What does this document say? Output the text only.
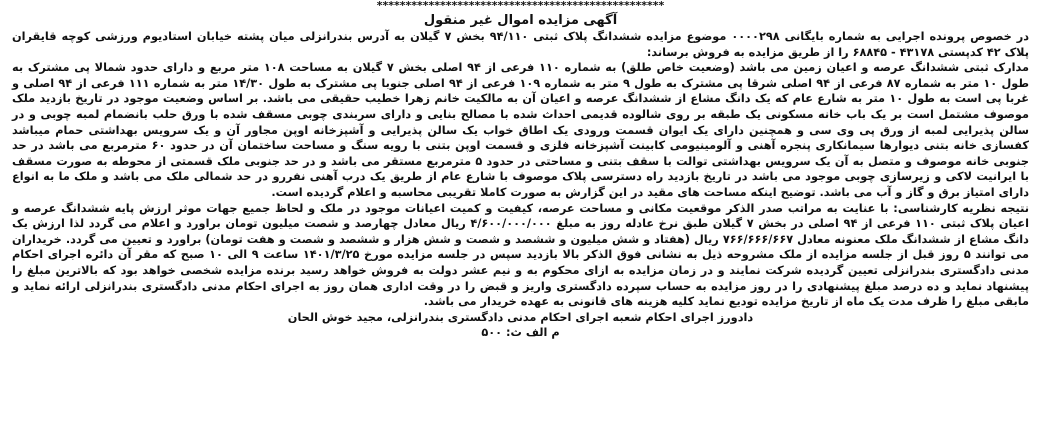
**************************************************
آگهی مزایده اموال غیر منقول

در خصوص پرونده اجرایی به شماره بایگانی ۰۰۰۰۲۹۸ موضوع مزایده ششدانگ پلاک ثبتی ۹۴/۱۱۰ بخش ۷ گیلان به آدرس بندرانزلی میان پشته خیابان استادیوم ورزشی کوچه قایقران پلاک ۴۲ کدپستی ۴۳۱۷۸ - ۶۸۸۴۵ را از طریق مزایده به فروش برساند:

مدارک ثبتی ششدانگ عرصه و اعیان زمین می باشد (وضعیت خاص طلق) به شماره ۱۱۰ فرعی از ۹۴ اصلی بخش ۷ گیلان به مساحت ۱۰۸ متر مربع و دارای حدود شمالا پی مشترک به طول ۱۰ متر به شماره ۸۷ فرعی از ۹۴ اصلی شرقا پی مشترک به طول ۹ متر به شماره ۱۰۹ فرعی از ۹۴ اصلی جنوبا پی مشترک به طول ۱۴/۳۰ متر به شماره ۱۱۱ فرعی از ۹۴ اصلی و غربا پی است به طول ۱۰ متر به شارع عام که یک دانگ مشاع از ششدانگ عرصه و اعیان آن به مالکیت خانم زهرا خطیب حقیقی می باشد. بر اساس وضعیت موجود در تاریخ بازدید ملک موصوف مشتمل است بر یک باب خانه مسکونی یک طبقه بر روی شالوده قدیمی احداث شده با مصالح بنایی و دارای سربندی چوبی مسقف شده با ورق حلب بانضمام لمبه چوبی و در سالن پذیرایی لمبه از ورق پی وی سی و همچنین دارای یک ایوان قسمت ورودی یک اطاق خواب یک سالن پذیرایی و آشپزخانه اوپن مجاور آن و یک سرویس بهداشتی حمام میباشد کفسازی خانه بتنی دیوارها سیمانکاری پنجره آهنی و آلومینیومی کابینت آشپزخانه فلزی و قسمت اوپن بتنی با رویه سنگ و مساحت ساختمان آن در حدود ۶۰ مترمربع می باشد در حد جنوبی خانه موصوف و متصل به آن یک سرویس بهداشتی توالت با سقف بتنی و مساحتی در حدود ۵ مترمربع مستقر می باشد و در حد جنوبی ملک قسمتی از محوطه به صورت مسقف با ایرانیت لاکی و زیرسازی چوبی موجود می باشد در تاریخ بازدید راه دسترسی پلاک موصوف با شارع عام از طریق یک درب آهنی نفررو در حد شمالی ملک می باشد و ملک ما به انواع دارای امتیاز برق و گاز و آب می باشد. توضیح اینکه مساحت های مقید در این گزارش به صورت کاملا تقریبی محاسبه و اعلام گردیده است.

نتیجه نظریه کارشناسی: با عنایت به مراتب صدر الذکر موقعیت مکانی و مساحت عرصه، کیفیت و کمیت اعیانات موجود در ملک و لحاظ جمیع جهات موثر ارزش پایه ششدانگ عرصه و اعیان پلاک ثبتی ۱۱۰ فرعی از ۹۴ اصلی در بخش ۷ گیلان طبق نرخ عادله روز به مبلغ ۴/۶۰۰/۰۰۰/۰۰۰ ریال معادل چهارصد و شصت میلیون تومان براورد و اعلام می گردد لذا ارزش یک دانگ مشاع از ششدانگ ملک معنونه معادل ۷۶۶/۶۶۶/۶۶۷ ریال (هفتاد و شش میلیون و ششصد و شصت و شش هزار و ششصد و شصت و هفت تومان) براورد و تعیین می گردد. خریداران می توانند ۵ روز قبل از جلسه مزایده از ملک مشروحه ذیل به نشانی فوق الذکر بالا بازدید سپس در جلسه مزایده مورخ ۱۴۰۱/۳/۲۵ ساعت ۹ الی ۱۰ صبح که مقر آن دائره اجرای احکام مدنی دادگستری بندرانزلی تعیین گردیده شرکت نمایند و در زمان مزایده به ازای محکوم به و نیم عشر دولت به فروش خواهد رسید برنده مزایده شخصی خواهد بود که بالاترین مبلغ را پیشنهاد نماید و ده درصد مبلغ پیشنهادی را در روز مزایده به حساب سپرده دادگستری واریز و قبض را در وقت اداری همان روز به اجرای احکام مدنی دادگستری بندرانزلی ارائه نماید و مابقی مبلغ را ظرف مدت یک ماه از تاریخ مزایده تودیع نماید کلیه هزینه های قانونی به عهده خریدار می باشد.

دادورز اجرای احکام شعبه اجرای احکام مدنی دادگستری بندرانزلی، مجید خوش الحان

م الف ث: ۵۰۰
